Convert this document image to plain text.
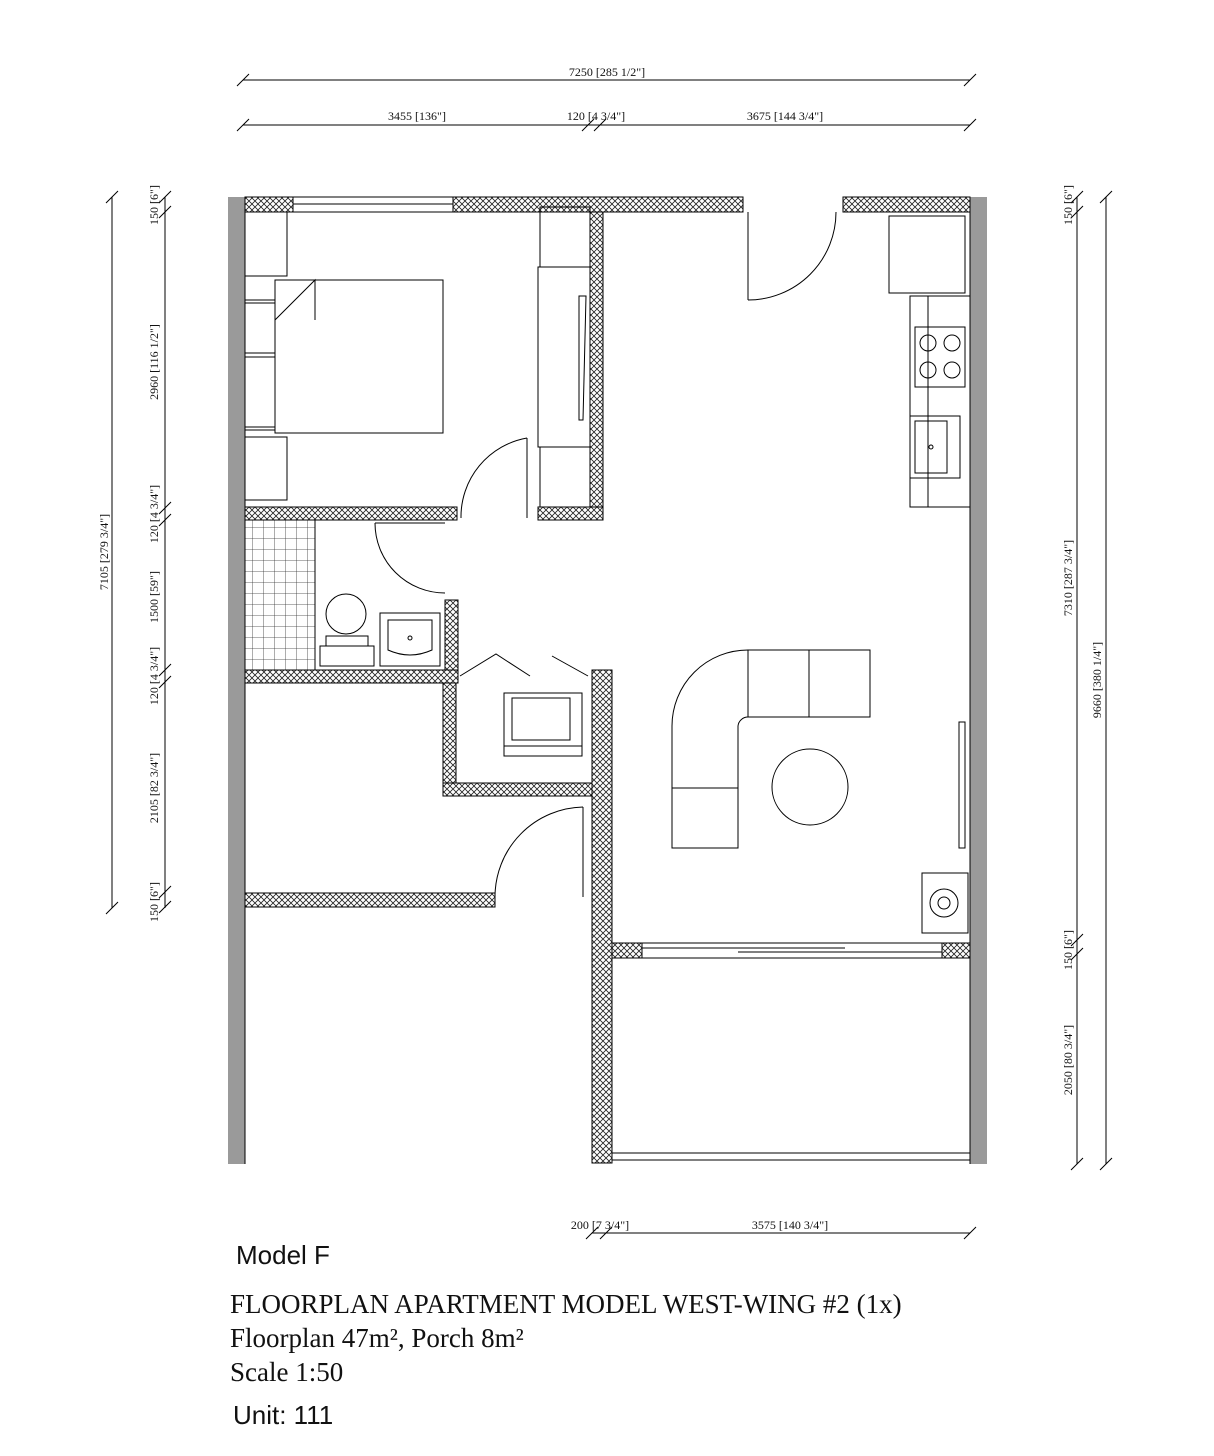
7250 [285 1/2"]
3455 [136"]	120 [4 3/4"]	3675 [144 3/4"]
7105 [279 3/4"]
150 [6"]
2960 [116 1/2"]
120 [4 3/4"]
1500 [59"]
120 [4 3/4"]
2105 [82 3/4"]
150 [6"]
150 [6"]
7310 [287 3/4"]
150 [6"]
2050 [80 3/4"]
9660 [380 1/4"]
200 [7 3/4"]	3575 [140 3/4"]
Model F
FLOORPLAN APARTMENT MODEL WEST-WING #2 (1x)
Floorplan 47m², Porch 8m²
Scale 1:50
Unit: 111
